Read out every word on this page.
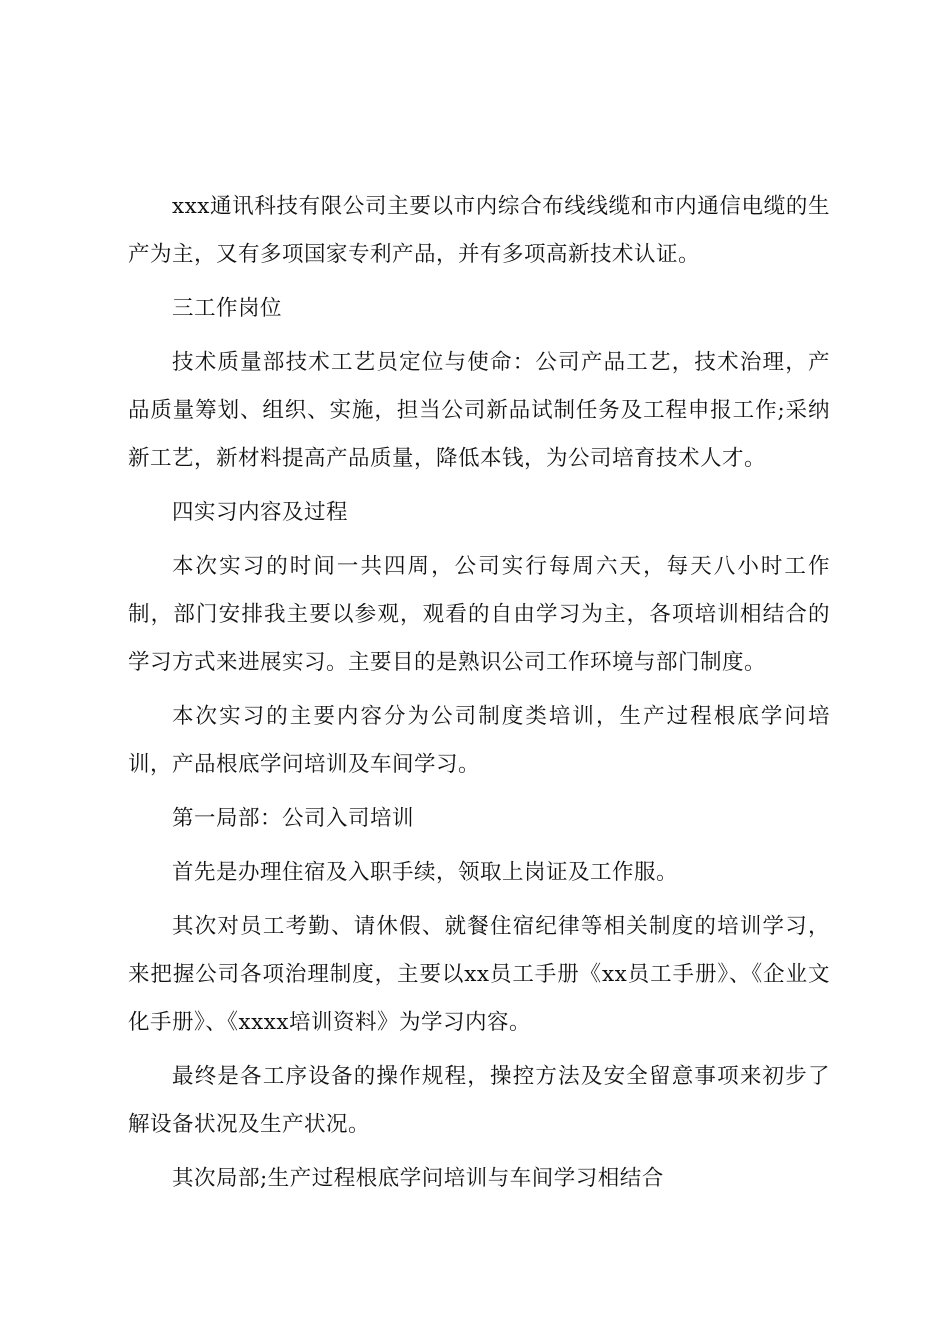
xxx通讯科技有限公司主要以市内综合布线线缆和市内通信电缆的生产为主，又有多项国家专利产品，并有多项高新技术认证。

三工作岗位

技术质量部技术工艺员定位与使命：公司产品工艺，技术治理，产品质量筹划、组织、实施，担当公司新品试制任务及工程申报工作;采纳新工艺，新材料提高产品质量，降低本钱，为公司培育技术人才。

四实习内容及过程

本次实习的时间一共四周，公司实行每周六天，每天八小时工作制，部门安排我主要以参观，观看的自由学习为主，各项培训相结合的学习方式来进展实习。主要目的是熟识公司工作环境与部门制度。

本次实习的主要内容分为公司制度类培训，生产过程根底学问培训，产品根底学问培训及车间学习。

第一局部：公司入司培训

首先是办理住宿及入职手续，领取上岗证及工作服。

其次对员工考勤、请休假、就餐住宿纪律等相关制度的培训学习，来把握公司各项治理制度，主要以xx员工手册《xx员工手册》、《企业文化手册》、《xxxx培训资料》为学习内容。

最终是各工序设备的操作规程，操控方法及安全留意事项来初步了解设备状况及生产状况。

其次局部;生产过程根底学问培训与车间学习相结合
